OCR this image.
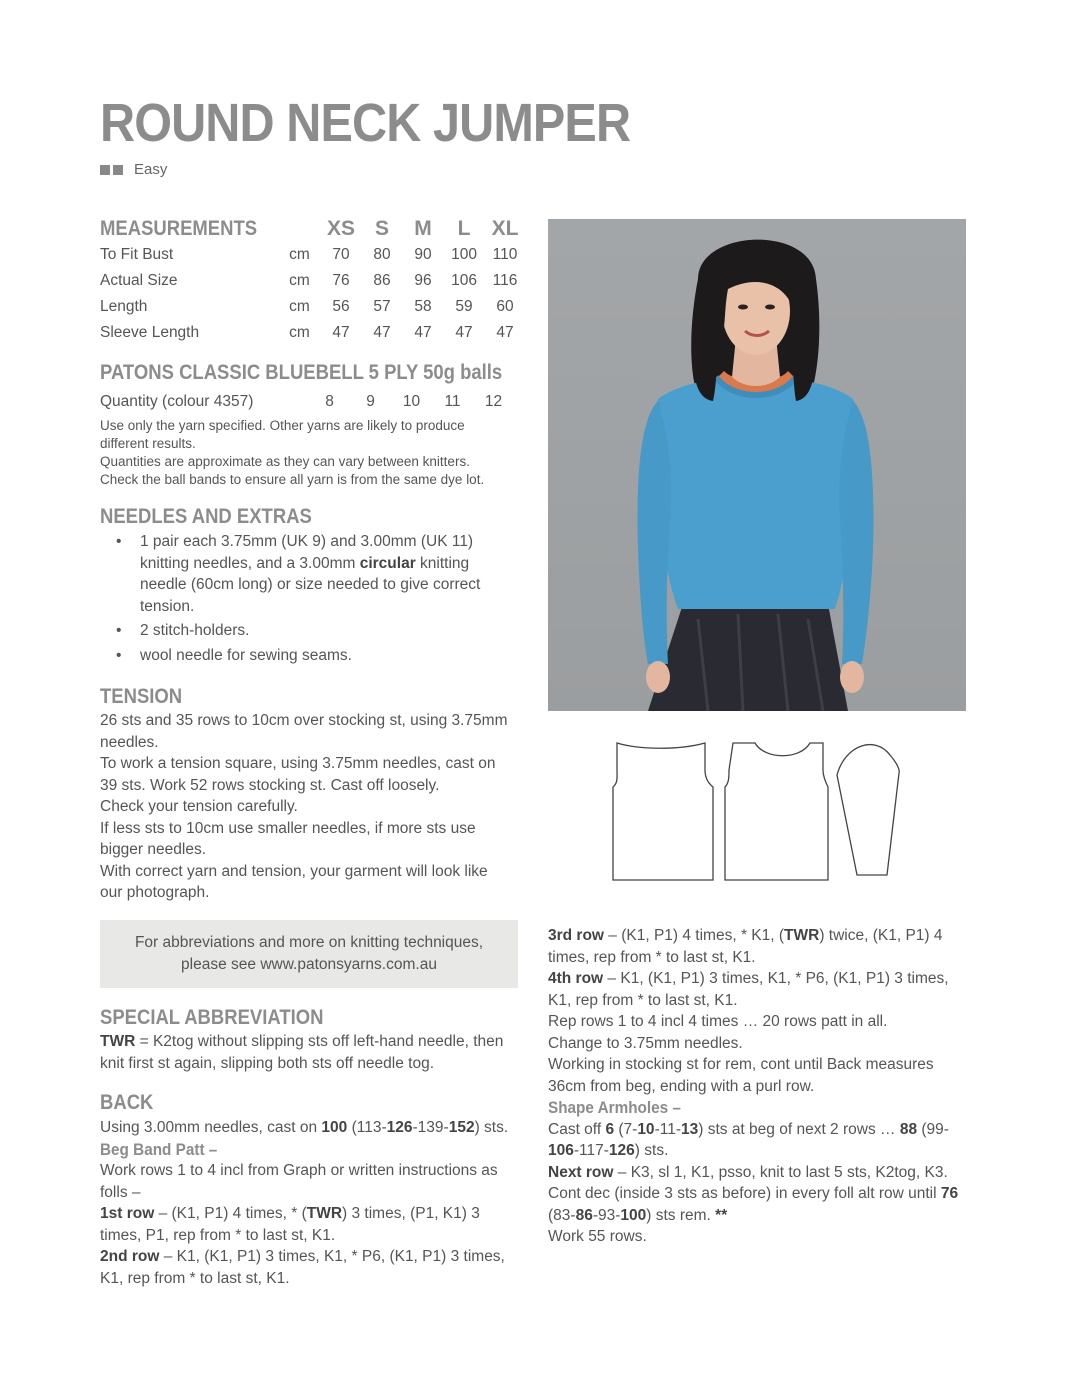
ROUND NECK JUMPER
Easy
MEASUREMENTS		XS	S	M	L	XL
To Fit Bust	cm	70	80	90	100	110
Actual Size	cm	76	86	96	106	116
Length	cm	56	57	58	59	60
Sleeve Length	cm	47	47	47	47	47
PATONS CLASSIC BLUEBELL 5 PLY 50g balls
Quantity (colour 4357)	8	9	10	11	12
Use only the yarn specified. Other yarns are likely to produce different results.
Quantities are approximate as they can vary between knitters. Check the ball bands to ensure all yarn is from the same dye lot.
NEEDLES AND EXTRAS
• 1 pair each 3.75mm (UK 9) and 3.00mm (UK 11) knitting needles, and a 3.00mm circular knitting needle (60cm long) or size needed to give correct tension.
• 2 stitch-holders.
• wool needle for sewing seams.
TENSION
26 sts and 35 rows to 10cm over stocking st, using 3.75mm needles.
To work a tension square, using 3.75mm needles, cast on 39 sts. Work 52 rows stocking st. Cast off loosely.
Check your tension carefully.
If less sts to 10cm use smaller needles, if more sts use bigger needles.
With correct yarn and tension, your garment will look like our photograph.
For abbreviations and more on knitting techniques,
please see www.patonsyarns.com.au
SPECIAL ABBREVIATION
TWR = K2tog without slipping sts off left-hand needle, then knit first st again, slipping both sts off needle tog.
BACK
Using 3.00mm needles, cast on 100 (113-126-139-152) sts.
Beg Band Patt –
Work rows 1 to 4 incl from Graph or written instructions as folls –
1st row – (K1, P1) 4 times, * (TWR) 3 times, (P1, K1) 3 times, P1, rep from * to last st, K1.
2nd row – K1, (K1, P1) 3 times, K1, * P6, (K1, P1) 3 times, K1, rep from * to last st, K1.
3rd row – (K1, P1) 4 times, * K1, (TWR) twice, (K1, P1) 4 times, rep from * to last st, K1.
4th row – K1, (K1, P1) 3 times, K1, * P6, (K1, P1) 3 times, K1, rep from * to last st, K1.
Rep rows 1 to 4 incl 4 times … 20 rows patt in all.
Change to 3.75mm needles.
Working in stocking st for rem, cont until Back measures 36cm from beg, ending with a purl row.
Shape Armholes –
Cast off 6 (7-10-11-13) sts at beg of next 2 rows … 88 (99-106-117-126) sts.
Next row – K3, sl 1, K1, psso, knit to last 5 sts, K2tog, K3.
Cont dec (inside 3 sts as before) in every foll alt row until 76 (83-86-93-100) sts rem. **
Work 55 rows.
